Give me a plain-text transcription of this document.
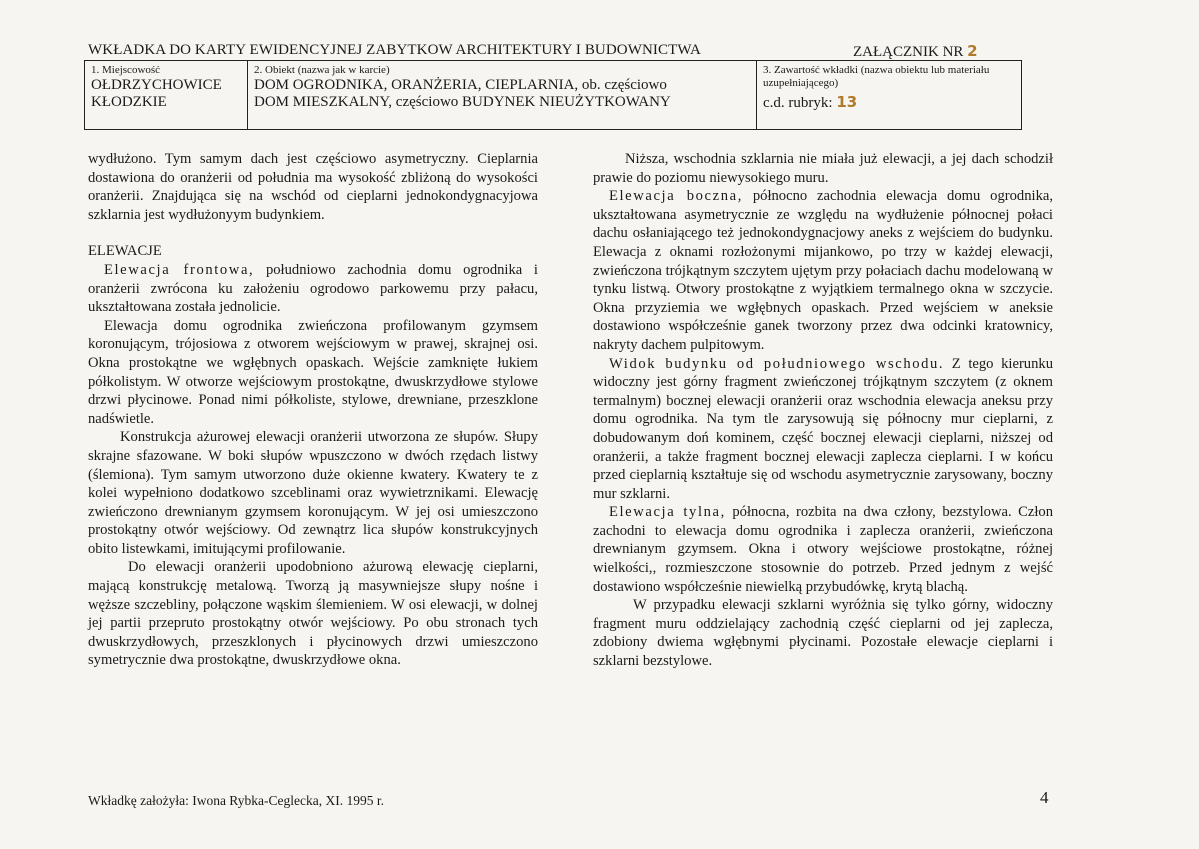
WKŁADKA DO KARTY EWIDENCYJNEJ ZABYTKOW ARCHITEKTURY I BUDOWNICTWA	ZAŁĄCZNIK NR 2
1. Miejscowość
OŁDRZYCHOWICE
KŁODZKIE
2. Obiekt (nazwa jak w karcie)
DOM OGRODNIKA, ORANŻERIA, CIEPLARNIA, ob. częściowo
DOM MIESZKALNY, częściowo BUDYNEK NIEUŻYTKOWANY
3. Zawartość wkładki (nazwa obiektu lub materiału uzupełniającego)
c.d. rubryk: 13

wydłużono. Tym samym dach jest częściowo asymetryczny. Cieplarnia dostawiona do oranżerii od południa ma wysokość zbliżoną do wysokości oranżerii. Znajdująca się na wschód od cieplarni jednokondygnacyjowa szklarnia jest wydłużonyym budynkiem.

ELEWACJE

Elewacja frontowa, południowo zachodnia domu ogrodnika i oranżerii zwrócona ku założeniu ogrodowo parkowemu przy pałacu, ukształtowana została jednolicie.

Elewacja domu ogrodnika zwieńczona profilowanym gzymsem koronującym, trójosiowa z otworem wejściowym w prawej, skrajnej osi. Okna prostokątne we wgłębnych opaskach. Wejście zamknięte łukiem półkolistym. W otworze wejściowym prostokątne, dwuskrzydłowe stylowe drzwi płycinowe. Ponad nimi półkoliste, stylowe, drewniane, przeszklone nadświetle.

Konstrukcja ażurowej elewacji oranżerii utworzona ze słupów. Słupy skrajne sfazowane. W boki słupów wpuszczono w dwóch rzędach listwy (ślemiona). Tym samym utworzono duże okienne kwatery. Kwatery te z kolei wypełniono dodatkowo szceblinami oraz wywietrznikami. Elewację zwieńczono drewnianym gzymsem koronującym. W jej osi umieszczono prostokątny otwór wejściowy. Od zewnątrz lica słupów konstrukcyjnych obito listewkami, imitującymi profilowanie.

Do elewacji oranżerii upodobniono ażurową elewację cieplarni, mającą konstrukcję metalową. Tworzą ją masywniejsze słupy nośne i węższe szczebliny, połączone wąskim ślemieniem. W osi elewacji, w dolnej jej partii przepruto prostokątny otwór wejściowy. Po obu stronach tych dwuskrzydłowych, przeszklonych i płycinowych drzwi umieszczono symetrycznie dwa prostokątne, dwuskrzydłowe okna.

Niższa, wschodnia szklarnia nie miała już elewacji, a jej dach schodził prawie do poziomu niewysokiego muru.

Elewacja boczna, północno zachodnia elewacja domu ogrodnika, ukształtowana asymetrycznie ze względu na wydłużenie północnej połaci dachu osłaniającego też jednokondygnacjowy aneks z wejściem do budynku. Elewacja z oknami rozłożonymi mijankowo, po trzy w każdej elewacji, zwieńczona trójkątnym szczytem ujętym przy połaciach dachu modelowaną w tynku listwą. Otwory prostokątne z wyjątkiem termalnego okna w szczycie. Okna przyziemia we wgłębnych opaskach. Przed wejściem w aneksie dostawiono współcześnie ganek tworzony przez dwa odcinki kratownicy, nakryty dachem pulpitowym.

Widok budynku od południowego wschodu. Z tego kierunku widoczny jest górny fragment zwieńczonej trójkątnym szczytem (z oknem termalnym) bocznej elewacji oranżerii oraz wschodnia elewacja aneksu przy domu ogrodnika. Na tym tle zarysowują się północny mur cieplarni, z dobudowanym doń kominem, część bocznej elewacji cieplarni, niższej od oranżerii, a także fragment bocznej elewacji zaplecza cieplarni. I w końcu przed cieplarnią kształtuje się od wschodu asymetrycznie zarysowany, boczny mur szklarni.

Elewacja tylna, północna, rozbita na dwa człony, bezstylowa. Człon zachodni to elewacja domu ogrodnika i zaplecza oranżerii, zwieńczona drewnianym gzymsem. Okna i otwory wejściowe prostokątne, różnej wielkości,, rozmieszczone stosownie do potrzeb. Przed jednym z wejść dostawiono współcześnie niewielką przybudówkę, krytą blachą.

W przypadku elewacji szklarni wyróżnia się tylko górny, widoczny fragment muru oddzielający zachodnią część cieplarni od jej zaplecza, zdobiony dwiema wgłębnymi płycinami. Pozostałe elewacje cieplarni i szklarni bezstylowe.

Wkładkę założyła: Iwona Rybka-Ceglecka, XI. 1995 r.	4
